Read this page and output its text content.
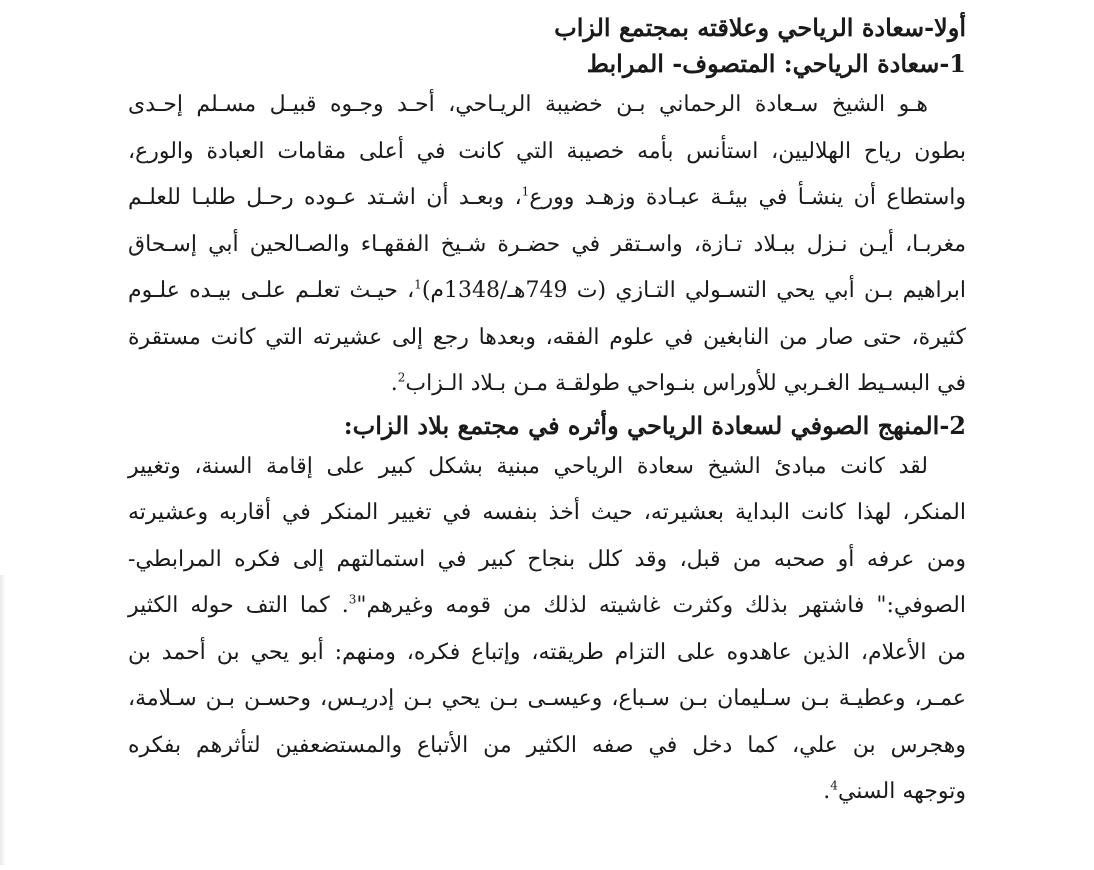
أولا-سعادة الرياحي وعلاقته بمجتمع الزاب
1-سعادة الرياحي: المتصوف- المرابط
هـو الشيخ سـعادة الرحماني بـن خضيبة الريـاحي، أحـد وجـوه قبيـل مسـلم إحـدى
بطون رياح الهلاليين، استأنس بأمه خصيبة التي كانت في أعلى مقامات العبادة والورع،
واستطاع أن ينشـأ في بيئـة عبـادة وزهـد وورع$^1$، وبعـد أن اشـتد عـوده رحـل طلبـا للعلـم
مغربـا، أيـن نـزل ببـلاد تـازة، واسـتقر في حضـرة شـيخ الفقهـاء والصـالحين أبي إسـحاق
ابراهيم بـن أبي يحي التسـولي التـازي (ت 749هـ/1348م)$^1$، حيـث تعلـم علـى بيـده علـوم
كثيرة، حتى صار من النابغين في علوم الفقه، وبعدها رجع إلى عشيرته التي كانت مستقرة
في البسـيط الغـربي للأوراس بنـواحي طولقـة مـن بـلاد الـزاب$^2$.
2-المنهج الصوفي لسعادة الرياحي وأثره في مجتمع بلاد الزاب:
لقد كانت مبادئ الشيخ سعادة الرياحي مبنية بشكل كبير على إقامة السنة، وتغيير
المنكر، لهذا كانت البداية بعشيرته، حيث أخذ بنفسه في تغيير المنكر في أقاربه وعشيرته
ومن عرفه أو صحبه من قبل، وقد كلل بنجاح كبير في استمالتهم إلى فكره المرابطي-
الصوفي:" فاشتهر بذلك وكثرت غاشيته لذلك من قومه وغيرهم"$^3$. كما التف حوله الكثير
من الأعلام، الذين عاهدوه على التزام طريقته، وإتباع فكره، ومنهم: أبو يحي بن أحمد بن
عمـر، وعطيـة بـن سـليمان بـن سـباع، وعيسـى بـن يحي بـن إدريـس، وحسـن بـن سـلامة،
وهجرس بن علي، كما دخل في صفه الكثير من الأتباع والمستضعفين لتأثرهم بفكره
وتوجهه السني$^4$.
